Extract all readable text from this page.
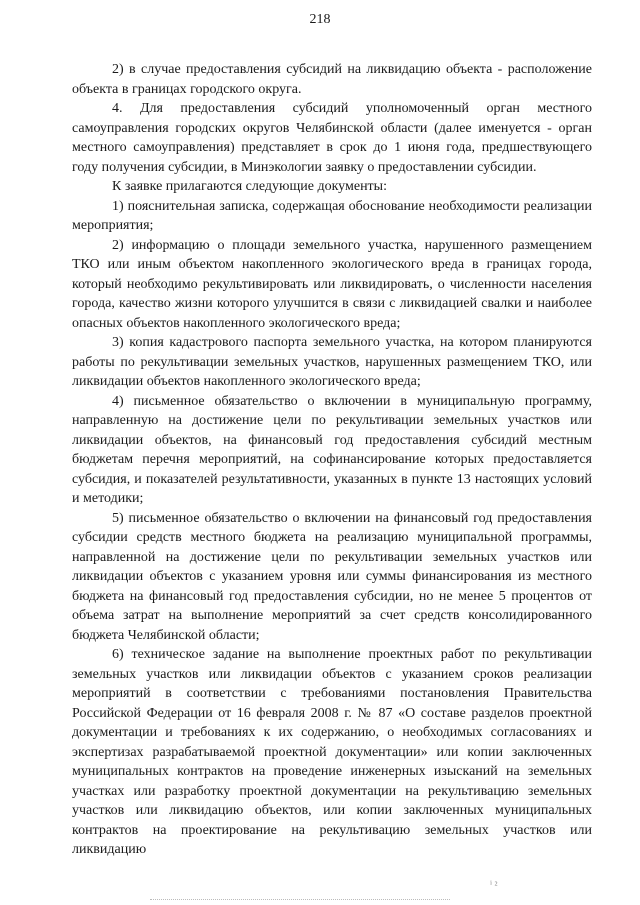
218

2) в случае предоставления субсидий на ликвидацию объекта - расположение объекта в границах городского округа.

4. Для предоставления субсидий уполномоченный орган местного самоуправления городских округов Челябинской области (далее именуется - орган местного самоуправления) представляет в срок до 1 июня года, предшествующего году получения субсидии, в Минэкологии заявку о предоставлении субсидии.

К заявке прилагаются следующие документы:

1) пояснительная записка, содержащая обоснование необходимости реализации мероприятия;

2) информацию о площади земельного участка, нарушенного размещением ТКО или иным объектом накопленного экологического вреда в границах города, который необходимо рекультивировать или ликвидировать, о численности населения города, качество жизни которого улучшится в связи с ликвидацией свалки и наиболее опасных объектов накопленного экологического вреда;

3) копия кадастрового паспорта земельного участка, на котором планируются работы по рекультивации земельных участков, нарушенных размещением ТКО, или ликвидации объектов накопленного экологического вреда;

4) письменное обязательство о включении в муниципальную программу, направленную на достижение цели по рекультивации земельных участков или ликвидации объектов, на финансовый год предоставления субсидий местным бюджетам перечня мероприятий, на софинансирование которых предоставляется субсидия, и показателей результативности, указанных в пункте 13 настоящих условий и методики;

5) письменное обязательство о включении на финансовый год предоставления субсидии средств местного бюджета на реализацию муниципальной программы, направленной на достижение цели по рекультивации земельных участков или ликвидации объектов с указанием уровня или суммы финансирования из местного бюджета на финансовый год предоставления субсидии, но не менее 5 процентов от объема затрат на выполнение мероприятий за счет средств консолидированного бюджета Челябинской области;

6) техническое задание на выполнение проектных работ по рекультивации земельных участков или ликвидации объектов с указанием сроков реализации мероприятий в соответствии с требованиями постановления Правительства Российской Федерации от 16 февраля 2008 г. № 87 «О составе разделов проектной документации и требованиях к их содержанию, о необходимых согласованиях и экспертизах разрабатываемой проектной документации» или копии заключенных муниципальных контрактов на проведение инженерных изысканий на земельных участках или разработку проектной документации на рекультивацию земельных участков или ликвидацию объектов, или копии заключенных муниципальных контрактов на проектирование на рекультивацию земельных участков или ликвидацию

ⁱ ²
